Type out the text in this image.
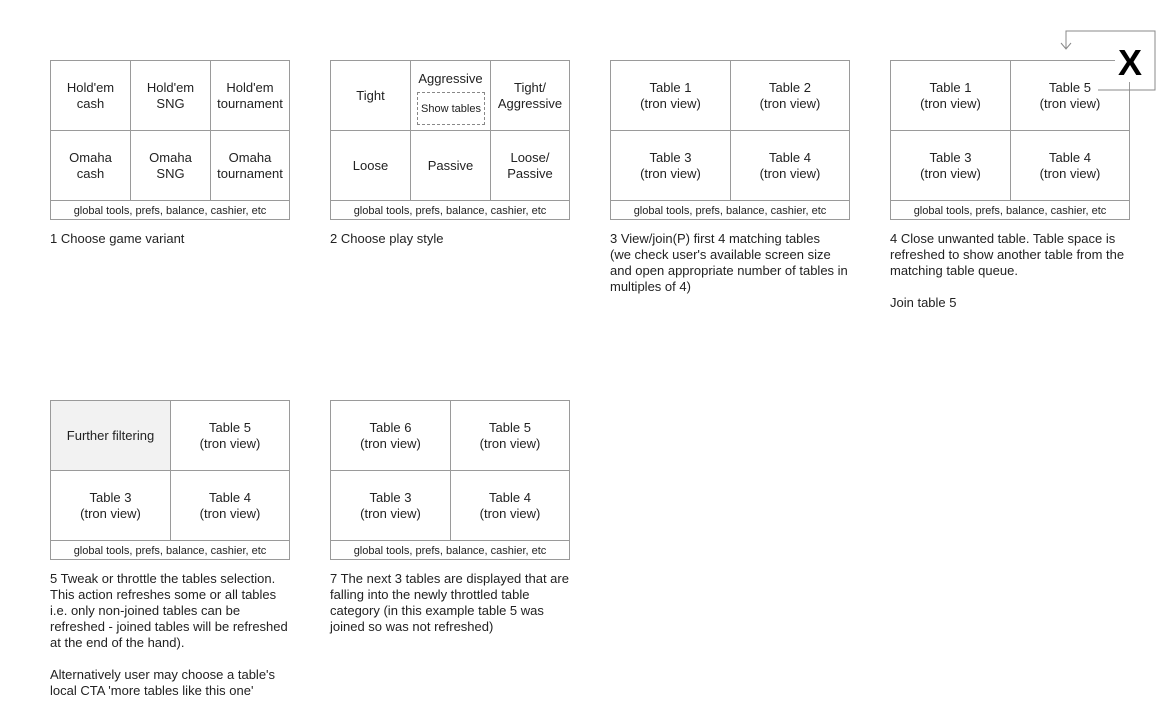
Hold'em
cash
Hold'em
SNG
Hold'em
tournament
Omaha
cash
Omaha
SNG
Omaha
tournament
global tools, prefs, balance, cashier, etc
1 Choose game variant
Tight
Aggressive
Show tables
Tight/
Aggressive
Loose	Passive
Loose/
Passive
global tools, prefs, balance, cashier, etc
2 Choose play style
Table 1
(tron view)
Table 2
(tron view)
Table 3
(tron view)
Table 4
(tron view)
global tools, prefs, balance, cashier, etc
3 View/join(P) first 4 matching tables
(we check user's available screen size
and open appropriate number of tables in
multiples of 4)
Table 1
(tron view)
Table 5
(tron view)
Table 3
(tron view)
Table 4
(tron view)
global tools, prefs, balance, cashier, etc
X
4 Close unwanted table. Table space is
refreshed to show another table from the
matching table queue.

Join table 5
Further filtering
Table 5
(tron view)
Table 3
(tron view)
Table 4
(tron view)
global tools, prefs, balance, cashier, etc
5 Tweak or throttle the tables selection.
This action refreshes some or all tables
i.e. only non-joined tables can be
refreshed - joined tables will be refreshed
at the end of the hand).

Alternatively user may choose a table's
local CTA 'more tables like this one'
Table 6
(tron view)
Table 5
(tron view)
Table 3
(tron view)
Table 4
(tron view)
global tools, prefs, balance, cashier, etc
7 The next 3 tables are displayed that are
falling into the newly throttled table
category (in this example table 5 was
joined so was not refreshed)
